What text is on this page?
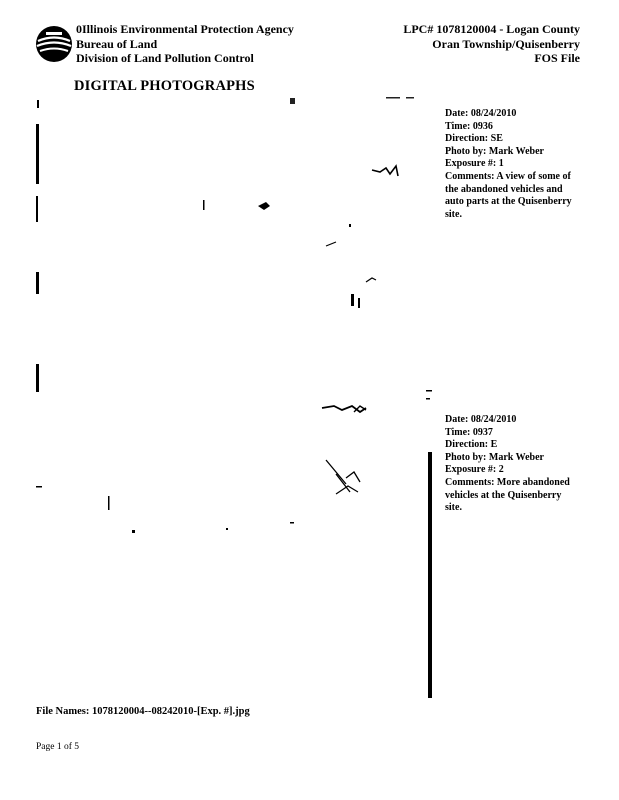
0Illinois Environmental Protection Agency
Bureau of Land
Division of Land Pollution Control
LPC# 1078120004 - Logan County
Oran Township/Quisenberry
FOS File
DIGITAL PHOTOGRAPHS
Date: 08/24/2010
Time: 0936
Direction: SE
Photo by: Mark Weber
Exposure #: 1
Comments: A view of some of the abandoned vehicles and auto parts at the Quisenberry site.
Date: 08/24/2010
Time: 0937
Direction: E
Photo by: Mark Weber
Exposure #: 2
Comments: More abandoned vehicles at the Quisenberry site.
File Names: 1078120004--08242010-[Exp. #].jpg
Page 1 of 5
